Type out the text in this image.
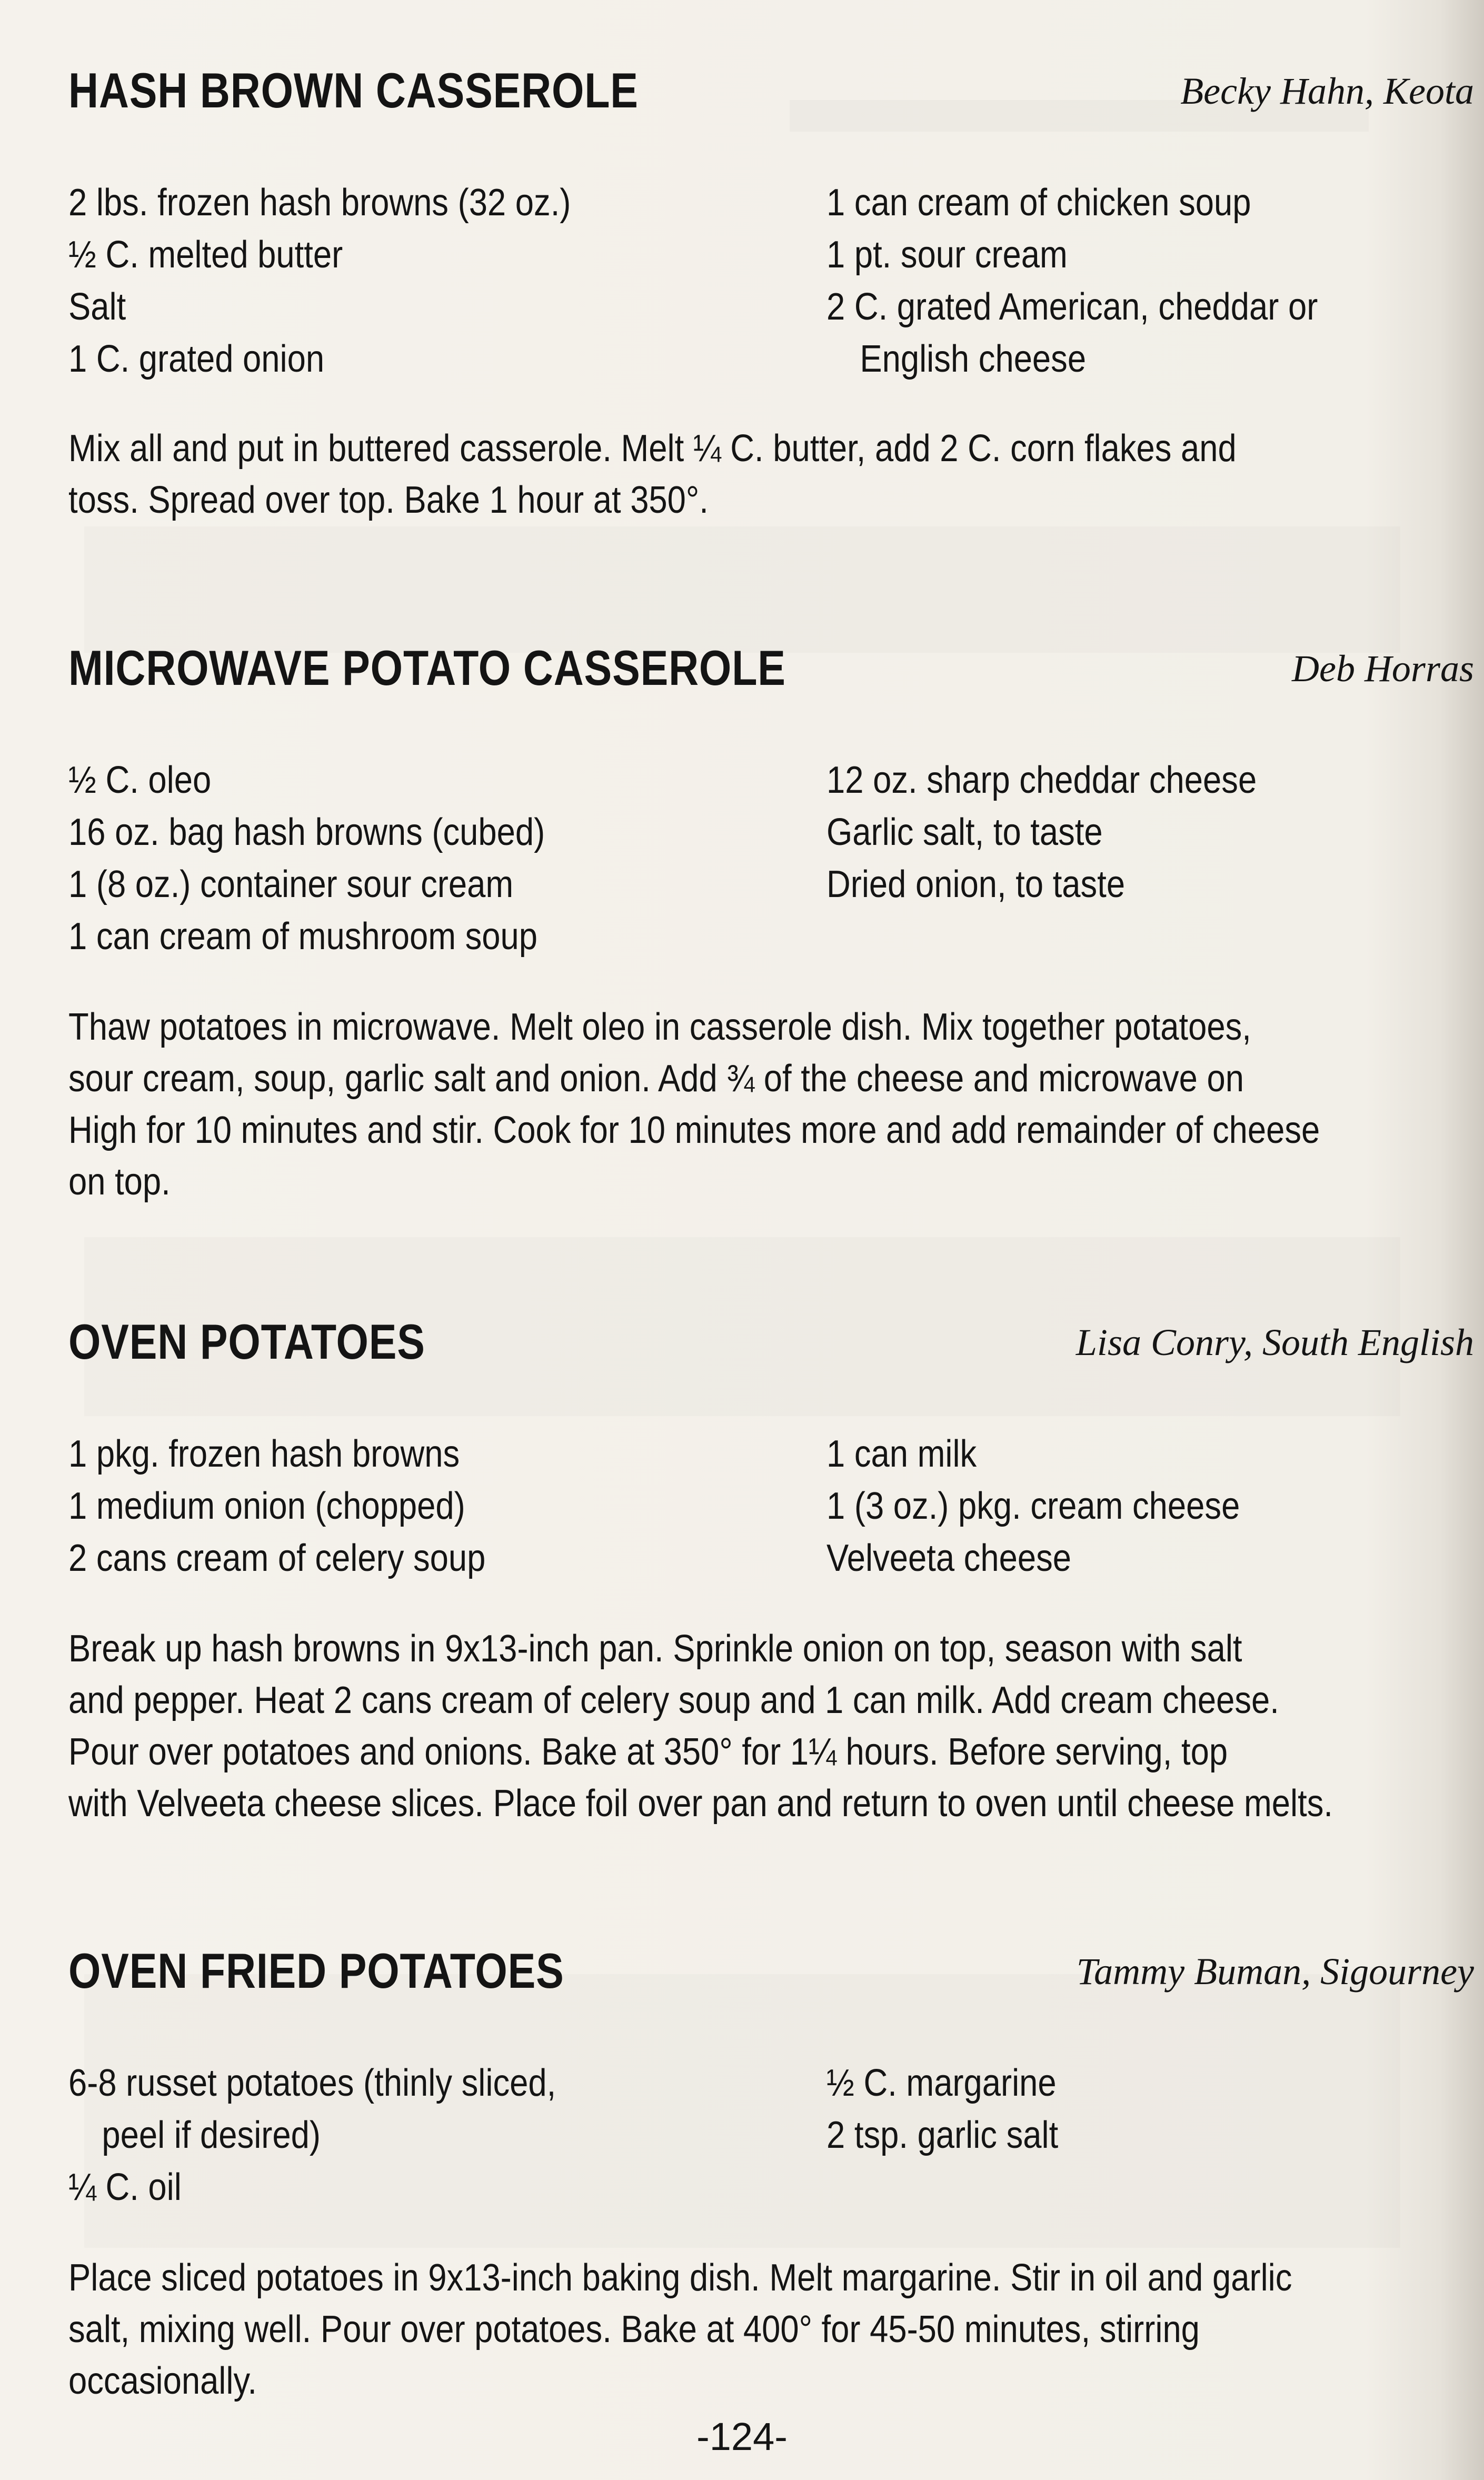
HASH BROWN CASSEROLE	Becky Hahn, Keota
2 lbs. frozen hash browns (32 oz.)
½ C. melted butter
Salt
1 C. grated onion
1 can cream of chicken soup
1 pt. sour cream
2 C. grated American, cheddar or
English cheese
Mix all and put in buttered casserole. Melt ¼ C. butter, add 2 C. corn flakes and
toss. Spread over top. Bake 1 hour at 350°.
MICROWAVE POTATO CASSEROLE	Deb Horras
½ C. oleo
16 oz. bag hash browns (cubed)
1 (8 oz.) container sour cream
1 can cream of mushroom soup
12 oz. sharp cheddar cheese
Garlic salt, to taste
Dried onion, to taste
Thaw potatoes in microwave. Melt oleo in casserole dish. Mix together potatoes,
sour cream, soup, garlic salt and onion. Add ¾ of the cheese and microwave on
High for 10 minutes and stir. Cook for 10 minutes more and add remainder of cheese
on top.
OVEN POTATOES	Lisa Conry, South English
1 pkg. frozen hash browns
1 medium onion (chopped)
2 cans cream of celery soup
1 can milk
1 (3 oz.) pkg. cream cheese
Velveeta cheese
Break up hash browns in 9x13-inch pan. Sprinkle onion on top, season with salt
and pepper. Heat 2 cans cream of celery soup and 1 can milk. Add cream cheese.
Pour over potatoes and onions. Bake at 350° for 1¼ hours. Before serving, top
with Velveeta cheese slices. Place foil over pan and return to oven until cheese melts.
OVEN FRIED POTATOES	Tammy Buman, Sigourney
6-8 russet potatoes (thinly sliced,
peel if desired)
¼ C. oil
½ C. margarine
2 tsp. garlic salt
Place sliced potatoes in 9x13-inch baking dish. Melt margarine. Stir in oil and garlic
salt, mixing well. Pour over potatoes. Bake at 400° for 45-50 minutes, stirring
occasionally.
-124-
